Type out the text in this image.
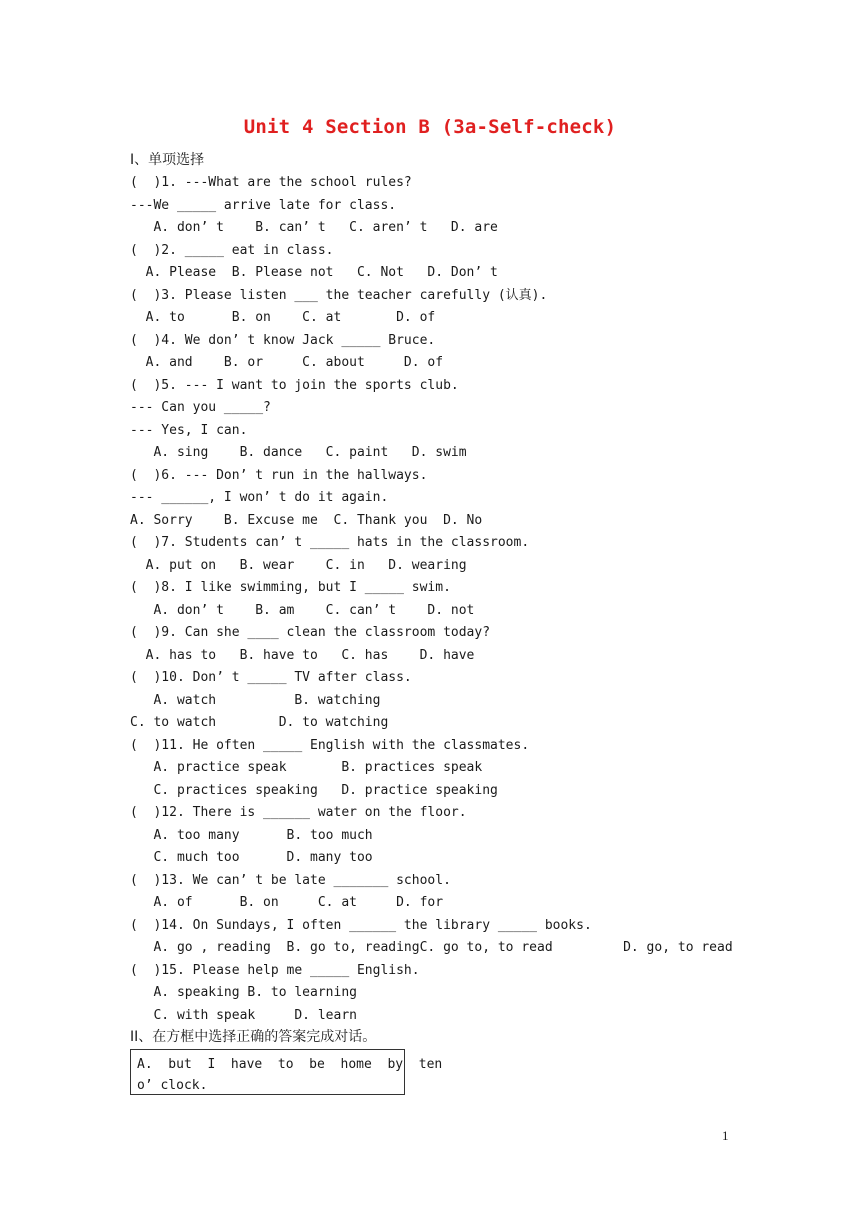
Unit 4 Section B (3a-Self-check)
I、单项选择
(  )1. ---What are the school rules?
---We _____ arrive late for class.
A. don’ t    B. can’ t   C. aren’ t   D. are
(  )2. _____ eat in class.
A. Please  B. Please not   C. Not   D. Don’ t
(  )3. Please listen ___ the teacher carefully (认真).
A. to      B. on    C. at       D. of
(  )4. We don’ t know Jack _____ Bruce.
A. and    B. or     C. about     D. of
(  )5. --- I want to join the sports club.
--- Can you _____?
--- Yes, I can.
A. sing    B. dance   C. paint   D. swim
(  )6. --- Don’ t run in the hallways.
--- ______, I won’ t do it again.
A. Sorry    B. Excuse me  C. Thank you  D. No
(  )7. Students can’ t _____ hats in the classroom.
A. put on   B. wear    C. in   D. wearing
(  )8. I like swimming, but I _____ swim.
A. don’ t    B. am    C. can’ t    D. not
(  )9. Can she ____ clean the classroom today?
A. has to   B. have to   C. has    D. have
(  )10. Don’ t _____ TV after class.
A. watch          B. watching
C. to watch        D. to watching
(  )11. He often _____ English with the classmates.
A. practice speak       B. practices speak
C. practices speaking   D. practice speaking
(  )12. There is ______ water on the floor.
A. too many      B. too much
C. much too      D. many too
(  )13. We can’ t be late _______ school.
A. of      B. on     C. at     D. for
(  )14. On Sundays, I often ______ the library _____ books.
A. go , reading  B. go to, readingC. go to, to read         D. go, to read
(  )15. Please help me _____ English.
A. speaking B. to learning
C. with speak     D. learn
II、在方框中选择正确的答案完成对话。
A.  but  I  have  to  be  home  by  ten
o’ clock.
1
